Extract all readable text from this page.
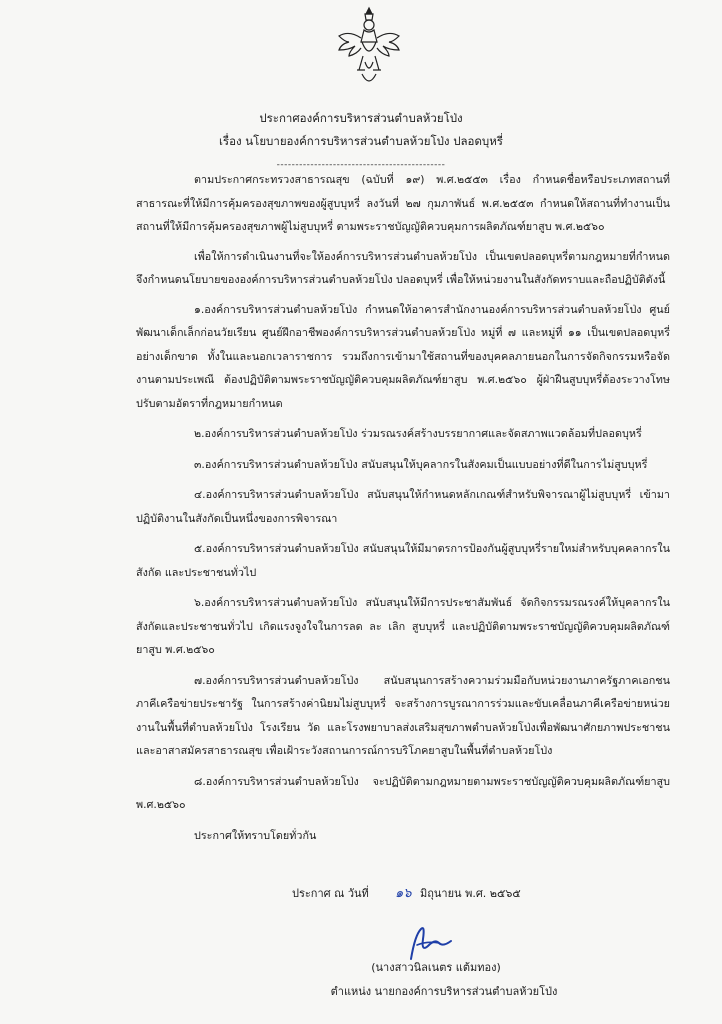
ประกาศองค์การบริหารส่วนตำบลห้วยโป่ง
เรื่อง นโยบายองค์การบริหารส่วนตำบลห้วยโป่ง ปลอดบุหรี่
---------------------------------------------

ตามประกาศกระทรวงสาธารณสุข (ฉบับที่ ๑๙) พ.ศ.๒๕๕๓ เรื่อง กำหนดชื่อหรือประเภทสถานที่สาธารณะที่ให้มีการคุ้มครองสุขภาพของผู้สูบบุหรี่ ลงวันที่ ๒๗ กุมภาพันธ์ พ.ศ.๒๕๕๓ กำหนดให้สถานที่ทำงานเป็นสถานที่ให้มีการคุ้มครองสุขภาพผู้ไม่สูบบุหรี่ ตามพระราชบัญญัติควบคุมการผลิตภัณฑ์ยาสูบ พ.ศ.๒๕๖๐

เพื่อให้การดำเนินงานที่จะให้องค์การบริหารส่วนตำบลห้วยโป่ง เป็นเขตปลอดบุหรี่ตามกฎหมายที่กำหนด จึงกำหนดนโยบายขององค์การบริหารส่วนตำบลห้วยโป่ง ปลอดบุหรี่ เพื่อให้หน่วยงานในสังกัดทราบและถือปฏิบัติดังนี้

๑.องค์การบริหารส่วนตำบลห้วยโป่ง กำหนดให้อาคารสำนักงานองค์การบริหารส่วนตำบลห้วยโป่ง ศูนย์พัฒนาเด็กเล็กก่อนวัยเรียน ศูนย์ฝึกอาชีพองค์การบริหารส่วนตำบลห้วยโป่ง หมู่ที่ ๗ และหมู่ที่ ๑๑ เป็นเขตปลอดบุหรี่อย่างเด็กขาด ทั้งในและนอกเวลาราชการ รวมถึงการเข้ามาใช้สถานที่ของบุคคลภายนอกในการจัดกิจกรรมหรือจัดงานตามประเพณี ต้องปฏิบัติตามพระราชบัญญัติควบคุมผลิตภัณฑ์ยาสูบ พ.ศ.๒๕๖๐ ผู้ฝ่าฝืนสูบบุหรี่ต้องระวางโทษปรับตามอัตราที่กฎหมายกำหนด

๒.องค์การบริหารส่วนตำบลห้วยโป่ง ร่วมรณรงค์สร้างบรรยากาศและจัดสภาพแวดล้อมที่ปลอดบุหรี่

๓.องค์การบริหารส่วนตำบลห้วยโป่ง สนับสนุนให้บุคลากรในสังคมเป็นแบบอย่างที่ดีในการไม่สูบบุหรี่

๔.องค์การบริหารส่วนตำบลห้วยโป่ง สนับสนุนให้กำหนดหลักเกณฑ์สำหรับพิจารณาผู้ไม่สูบบุหรี่ เข้ามาปฏิบัติงานในสังกัดเป็นหนึ่งของการพิจารณา

๕.องค์การบริหารส่วนตำบลห้วยโป่ง สนับสนุนให้มีมาตรการป้องกันผู้สูบบุหรี่รายใหม่สำหรับบุคคลากรในสังกัด และประชาชนทั่วไป

๖.องค์การบริหารส่วนตำบลห้วยโป่ง สนับสนุนให้มีการประชาสัมพันธ์ จัดกิจกรรมรณรงค์ให้บุคลากรในสังกัดและประชาชนทั่วไป เกิดแรงจูงใจในการลด ละ เลิก สูบบุหรี่ และปฏิบัติตามพระราชบัญญัติควบคุมผลิตภัณฑ์ยาสูบ พ.ศ.๒๕๖๐

๗.องค์การบริหารส่วนตำบลห้วยโป่ง สนับสนุนการสร้างความร่วมมือกับหน่วยงานภาครัฐภาคเอกชน ภาคีเครือข่ายประชารัฐ ในการสร้างค่านิยมไม่สูบบุหรี่ จะสร้างการบูรณาการร่วมและขับเคลื่อนภาคีเครือข่ายหน่วยงานในพื้นที่ตำบลห้วยโป่ง โรงเรียน วัด และโรงพยาบาลส่งเสริมสุขภาพตำบลห้วยโป่งเพื่อพัฒนาศักยภาพประชาชน และอาสาสมัครสาธารณสุข เพื่อเฝ้าระวังสถานการณ์การบริโภคยาสูบในพื้นที่ตำบลห้วยโป่ง

๘.องค์การบริหารส่วนตำบลห้วยโป่ง จะปฏิบัติตามกฎหมายตามพระราชบัญญัติควบคุมผลิตภัณฑ์ยาสูบ พ.ศ.๒๕๖๐

ประกาศให้ทราบโดยทั่วกัน

ประกาศ ณ วันที่ ๑๖ มิถุนายน พ.ศ. ๒๕๖๕
(นางสาวนิลเนตร แต้มทอง)
ตำแหน่ง นายกองค์การบริหารส่วนตำบลห้วยโป่ง
